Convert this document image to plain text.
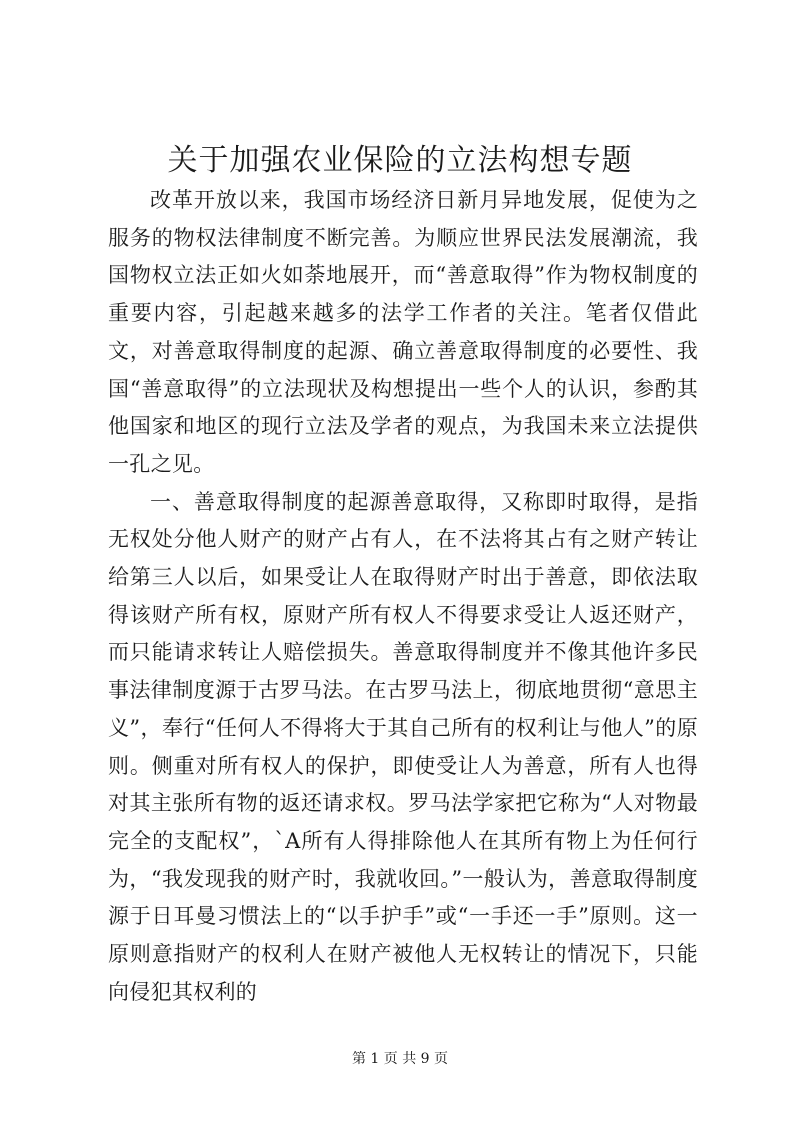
关于加强农业保险的立法构想专题

改革开放以来，我国市场经济日新月异地发展，促使为之服务的物权法律制度不断完善。为顺应世界民法发展潮流，我国物权立法正如火如荼地展开，而“善意取得”作为物权制度的重要内容，引起越来越多的法学工作者的关注。笔者仅借此文，对善意取得制度的起源、确立善意取得制度的必要性、我国“善意取得”的立法现状及构想提出一些个人的认识，参酌其他国家和地区的现行立法及学者的观点，为我国未来立法提供一孔之见。

一、善意取得制度的起源善意取得，又称即时取得，是指无权处分他人财产的财产占有人，在不法将其占有之财产转让给第三人以后，如果受让人在取得财产时出于善意，即依法取得该财产所有权，原财产所有权人不得要求受让人返还财产，而只能请求转让人赔偿损失。善意取得制度并不像其他许多民事法律制度源于古罗马法。在古罗马法上，彻底地贯彻“意思主义”，奉行“任何人不得将大于其自己所有的权利让与他人”的原则。侧重对所有权人的保护，即使受让人为善意，所有人也得对其主张所有物的返还请求权。罗马法学家把它称为“人对物最完全的支配权”，`A所有人得排除他人在其所有物上为任何行为，“我发现我的财产时，我就收回。”一般认为，善意取得制度源于日耳曼习惯法上的“以手护手”或“一手还一手”原则。这一原则意指财产的权利人在财产被他人无权转让的情况下，只能向侵犯其权利的

第 1 页 共 9 页
